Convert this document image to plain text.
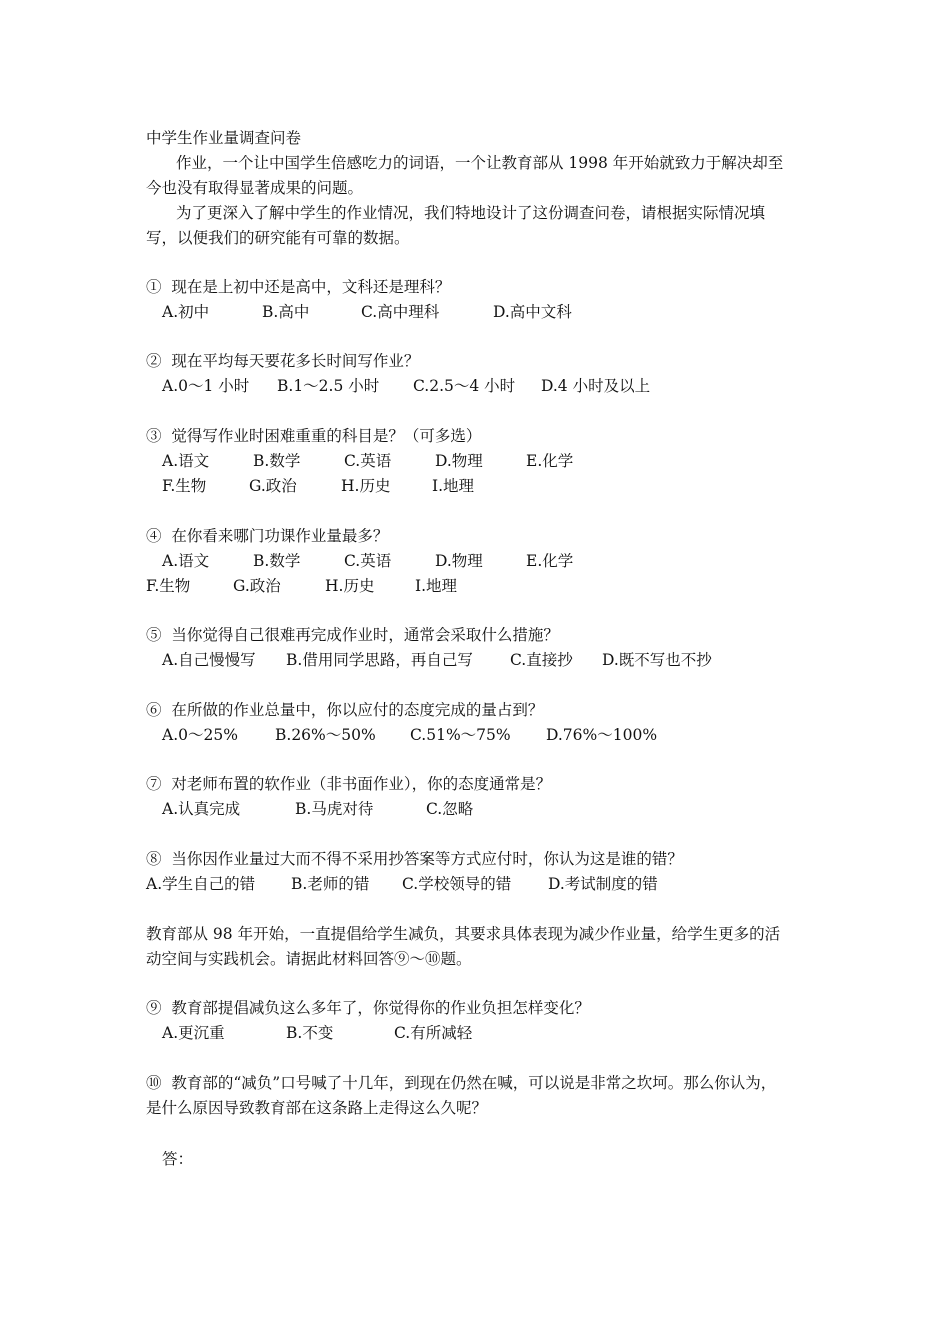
中学生作业量调查问卷
作业，一个让中国学生倍感吃力的词语，一个让教育部从 1998 年开始就致力于解决却至
今也没有取得显著成果的问题。
为了更深入了解中学生的作业情况，我们特地设计了这份调查问卷，请根据实际情况填
写，以便我们的研究能有可靠的数据。
① 现在是上初中还是高中，文科还是理科？
A.初中	B.高中	C.高中理科	D.高中文科
② 现在平均每天要花多长时间写作业？
A.0～1 小时 B.1～2.5 小时 C.2.5～4 小时 D.4 小时及以上
③ 觉得写作业时困难重重的科目是？（可多选）
A.语文	B.数学	C.英语	D.物理	E.化学
F.生物	G.政治	H.历史	I.地理
④ 在你看来哪门功课作业量最多？
A.语文	B.数学	C.英语	D.物理	E.化学
F.生物	G.政治	H.历史	I.地理
⑤ 当你觉得自己很难再完成作业时，通常会采取什么措施？
A.自己慢慢写 B.借用同学思路，再自己写 C.直接抄 D.既不写也不抄
⑥ 在所做的作业总量中，你以应付的态度完成的量占到？
A.0～25% B.26%～50% C.51%～75% D.76%～100%
⑦ 对老师布置的软作业（非书面作业），你的态度通常是？
A.认真完成	B.马虎对待	C.忽略
⑧ 当你因作业量过大而不得不采用抄答案等方式应付时，你认为这是谁的错？
A.学生自己的错 B.老师的错 C.学校领导的错 D.考试制度的错
教育部从 98 年开始，一直提倡给学生减负，其要求具体表现为减少作业量，给学生更多的活
动空间与实践机会。请据此材料回答⑨～⑩题。
⑨ 教育部提倡减负这么多年了，你觉得你的作业负担怎样变化？
A.更沉重	B.不变	C.有所减轻
⑩ 教育部的“减负”口号喊了十几年，到现在仍然在喊，可以说是非常之坎坷。那么你认为，
是什么原因导致教育部在这条路上走得这么久呢？
答：
